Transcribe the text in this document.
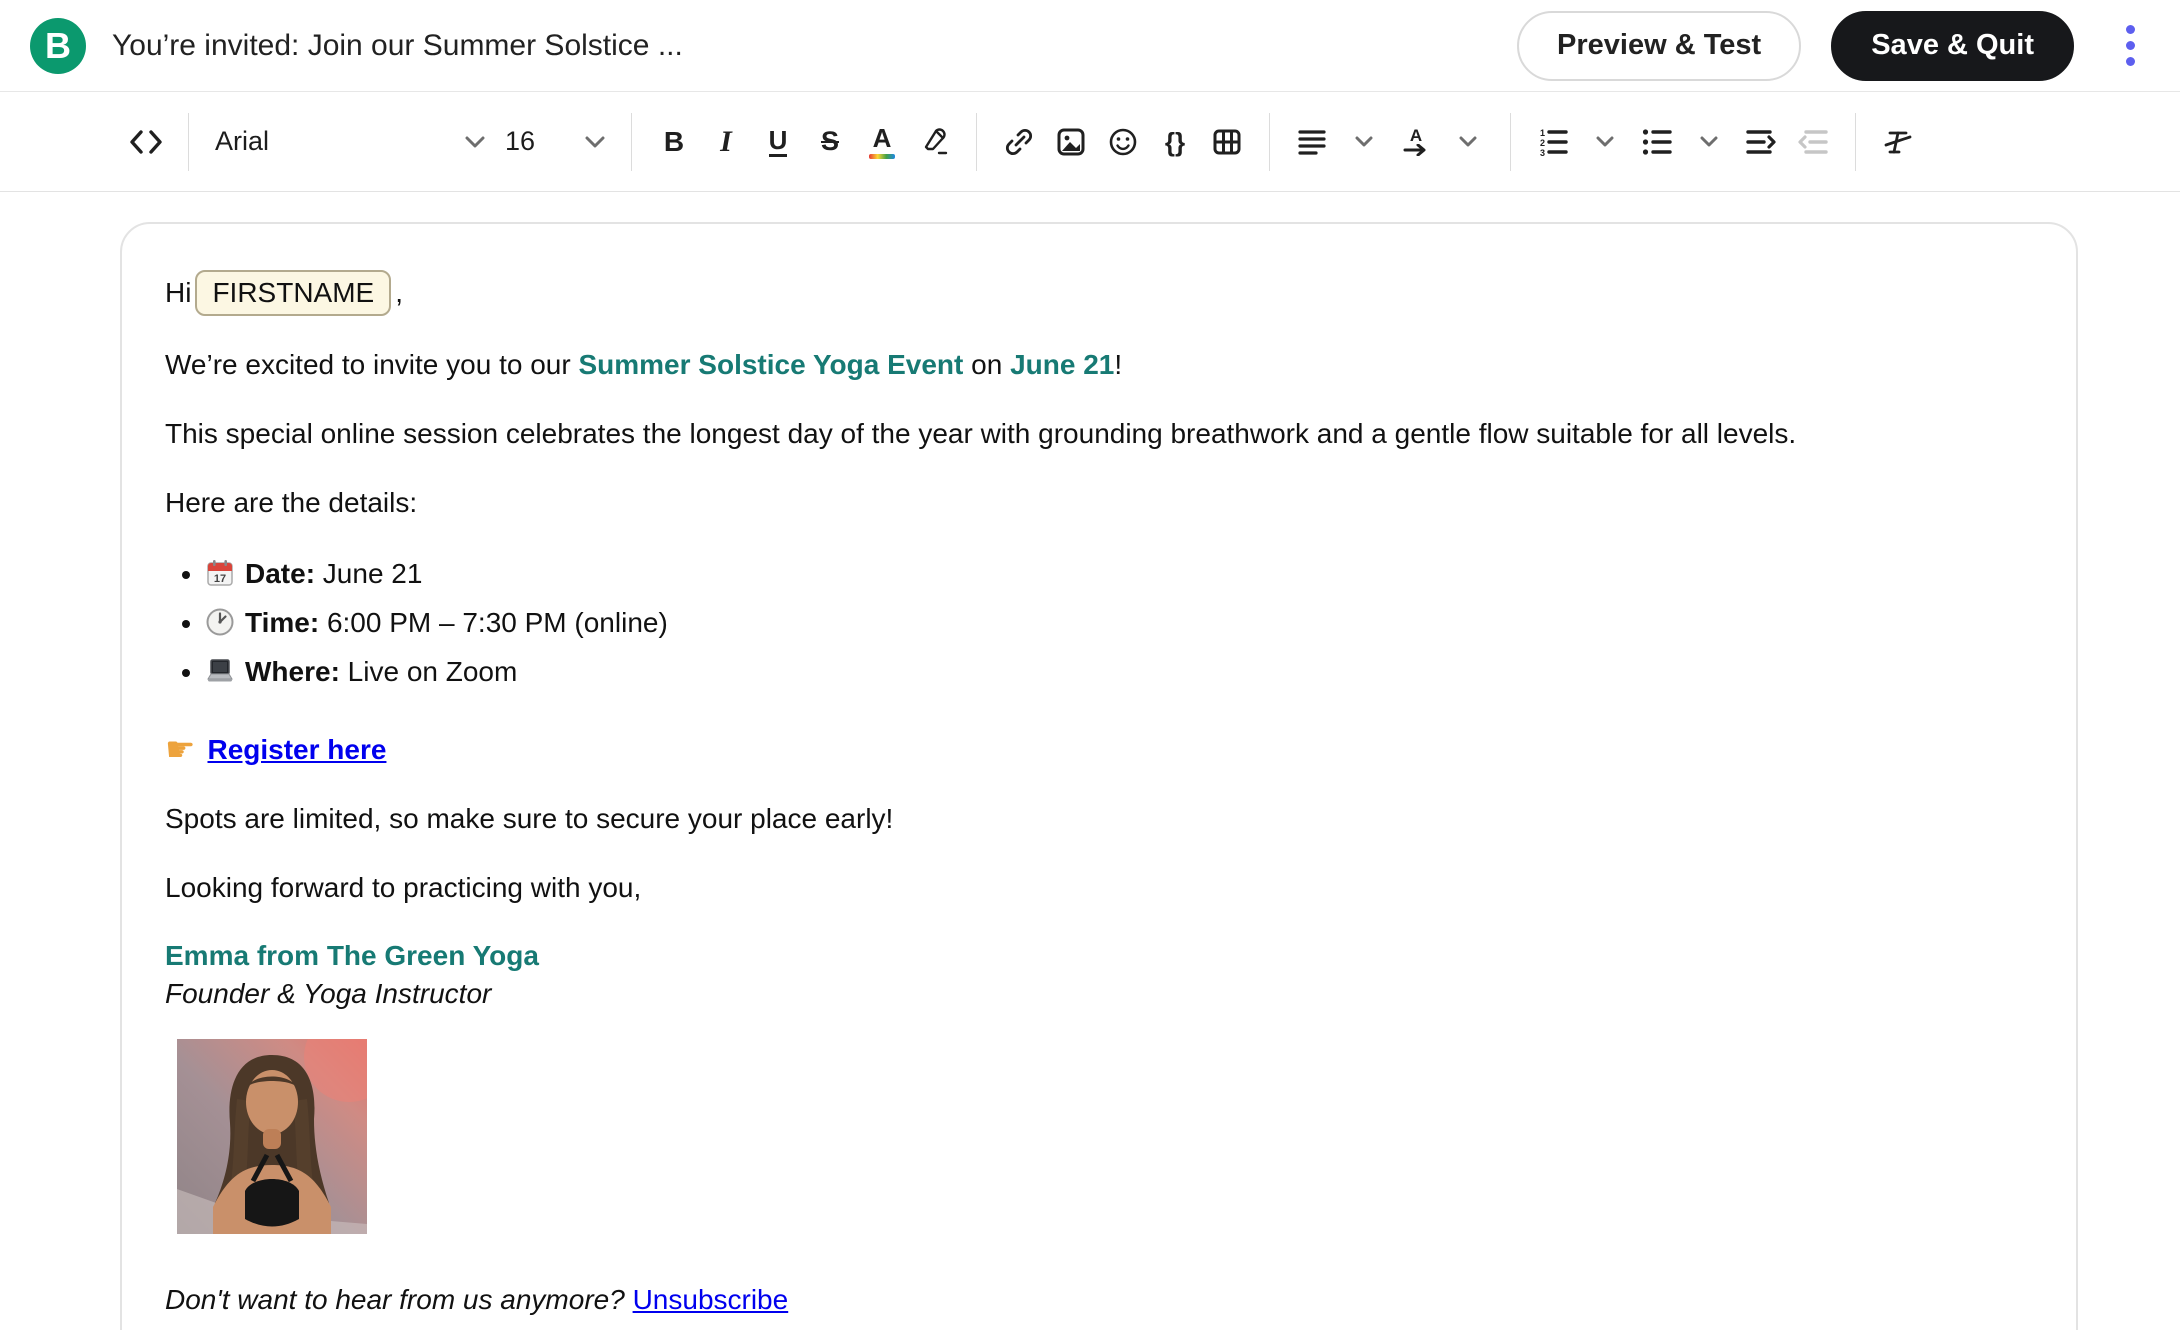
B You’re invited: Join our Summer Solstice ...	Preview & Test	Save & Quit
Arial	16	B I U S A	{}	A	1
2
3

Hi FIRSTNAME ,

We’re excited to invite you to our Summer Solstice Yoga Event on June 21!

This special online session celebrates the longest day of the year with grounding breathwork and a gentle flow suitable for all levels.

Here are the details:

• 17 Date: June 21
• Time: 6:00 PM – 7:30 PM (online)
• Where: Live on Zoom

☛ Register here

Spots are limited, so make sure to secure your place early!

Looking forward to practicing with you,

Emma from The Green Yoga
Founder & Yoga Instructor

Don't want to hear from us anymore? Unsubscribe
